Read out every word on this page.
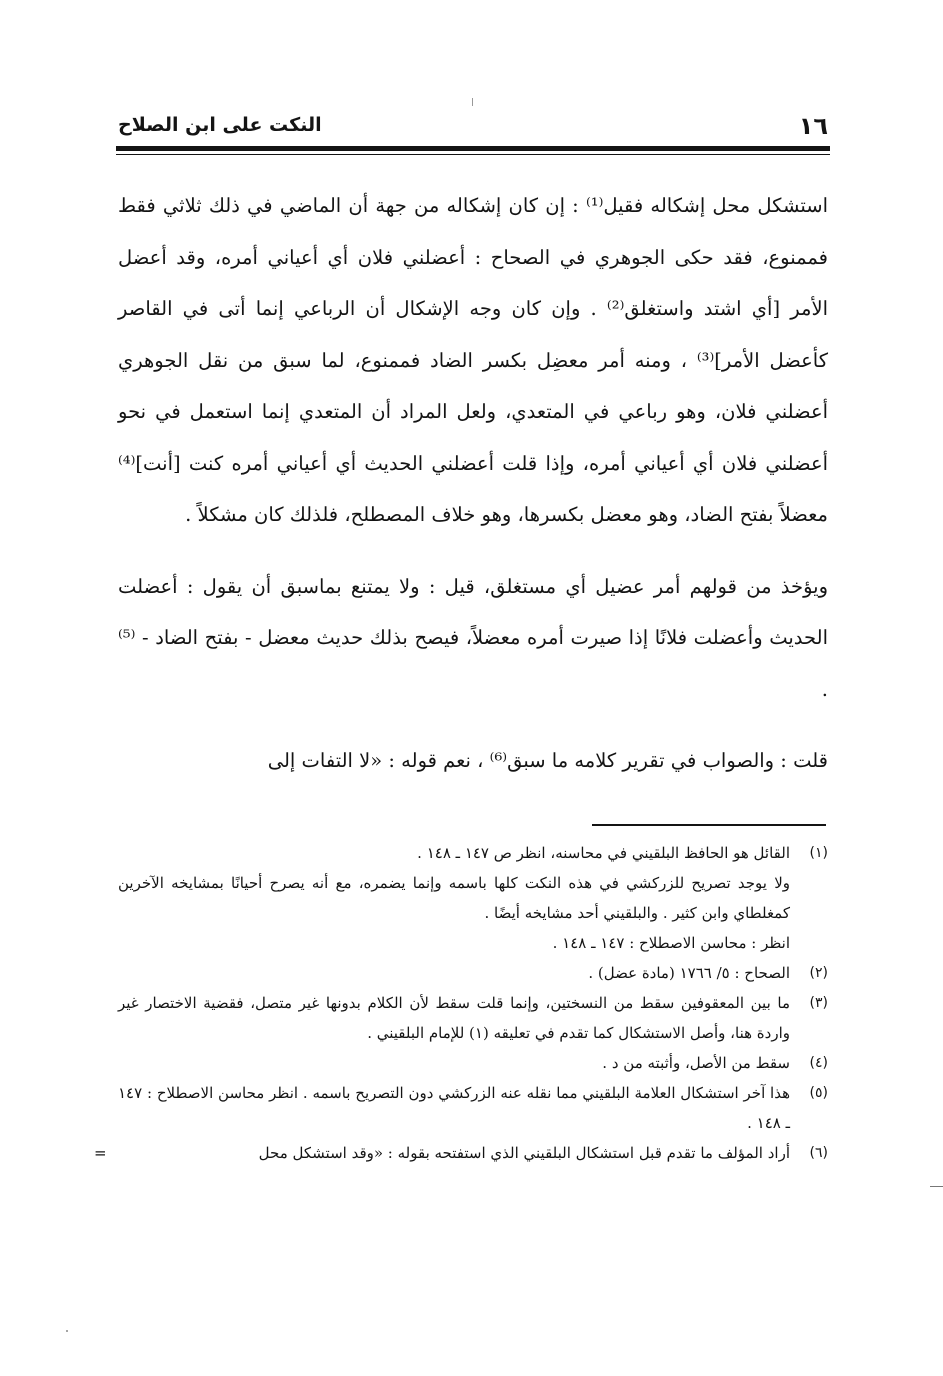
١٦
النكت على ابن الصلاح

استشكل محل إشكاله فقيل⁽¹⁾ : إن كان إشكاله من جهة أن الماضي في ذلك ثلاثي فقط فممنوع، فقد حكى الجوهري في الصحاح : أعضلني فلان أي أعياني أمره، وقد أعضل الأمر [أي اشتد واستغلق⁽²⁾ . وإن كان وجه الإشكال أن الرباعي إنما أتى في القاصر كأعضل الأمر]⁽³⁾ ، ومنه أمر معضِل بكسر الضاد فممنوع، لما سبق من نقل الجوهري أعضلني فلان، وهو رباعي في المتعدي، ولعل المراد أن المتعدي إنما استعمل في نحو أعضلني فلان أي أعياني أمره، وإذا قلت أعضلني الحديث أي أعياني أمره كنت [أنت]⁽⁴⁾ معضلاً بفتح الضاد، وهو معضل بكسرها، وهو خلاف المصطلح، فلذلك كان مشكلاً .

ويؤخذ من قولهم أمر عضيل أي مستغلق، قيل : ولا يمتنع بماسبق أن يقول : أعضلت الحديث وأعضلت فلانًا إذا صيرت أمره معضلاً، فيصح بذلك حديث معضل - بفتح الضاد - ⁽⁵⁾ .

قلت : والصواب في تقرير كلامه ما سبق⁽⁶⁾ ، نعم قوله : «لا التفات إلى

(١)
القائل هو الحافظ البلقيني في محاسنه، انظر ص ١٤٧ ـ ١٤٨ .
ولا يوجد تصريح للزركشي في هذه النكت كلها باسمه وإنما يضمره، مع أنه يصرح أحيانًا بمشايخه الآخرين كمغلطاي وابن كثير . والبلقيني أحد مشايخه أيضًا .
انظر : محاسن الاصطلاح : ١٤٧ ـ ١٤٨ .
(٢)
الصحاح : ٥/ ١٧٦٦ (مادة عضل) .
(٣)
ما بين المعقوفين سقط من النسختين، وإنما قلت سقط لأن الكلام بدونها غير متصل، فقضية الاختصار غير واردة هنا، وأصل الاستشكال كما تقدم في تعليقه (١) للإمام البلقيني .
(٤)
سقط من الأصل، وأثبته من د .
(٥)
هذا آخر استشكال العلامة البلقيني مما نقله عنه الزركشي دون التصريح باسمه . انظر محاسن الاصطلاح : ١٤٧ ـ ١٤٨ .
(٦)
أراد المؤلف ما تقدم قبل استشكال البلقيني الذي استفتحه بقوله : «وقد استشكل محل
=
